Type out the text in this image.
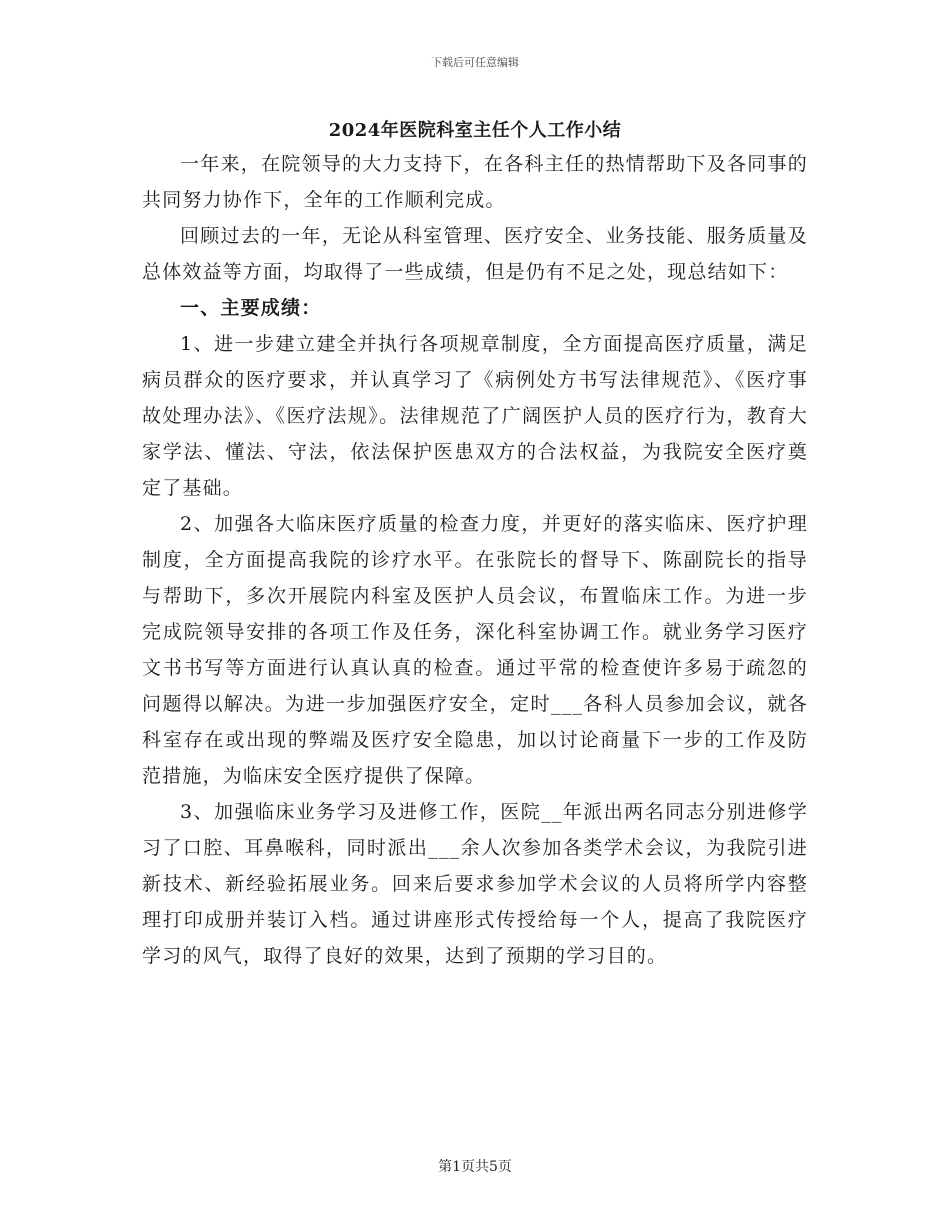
下载后可任意编辑
2024年医院科室主任个人工作小结

一年来，在院领导的大力支持下，在各科主任的热情帮助下及各同事的共同努力协作下，全年的工作顺利完成。

回顾过去的一年，无论从科室管理、医疗安全、业务技能、服务质量及总体效益等方面，均取得了一些成绩，但是仍有不足之处，现总结如下：

一、主要成绩：

1、进一步建立建全并执行各项规章制度，全方面提高医疗质量，满足病员群众的医疗要求，并认真学习了《病例处方书写法律规范》、《医疗事故处理办法》、《医疗法规》。法律规范了广阔医护人员的医疗行为，教育大家学法、懂法、守法，依法保护医患双方的合法权益，为我院安全医疗奠定了基础。

2、加强各大临床医疗质量的检查力度，并更好的落实临床、医疗护理制度，全方面提高我院的诊疗水平。在张院长的督导下、陈副院长的指导与帮助下，多次开展院内科室及医护人员会议，布置临床工作。为进一步完成院领导安排的各项工作及任务，深化科室协调工作。就业务学习医疗文书书写等方面进行认真认真的检查。通过平常的检查使许多易于疏忽的问题得以解决。为进一步加强医疗安全，定时___各科人员参加会议，就各科室存在或出现的弊端及医疗安全隐患，加以讨论商量下一步的工作及防范措施，为临床安全医疗提供了保障。

3、加强临床业务学习及进修工作，医院__年派出两名同志分别进修学习了口腔、耳鼻喉科，同时派出___余人次参加各类学术会议，为我院引进新技术、新经验拓展业务。回来后要求参加学术会议的人员将所学内容整理打印成册并装订入档。通过讲座形式传授给每一个人，提高了我院医疗学习的风气，取得了良好的效果，达到了预期的学习目的。

第1页共5页
